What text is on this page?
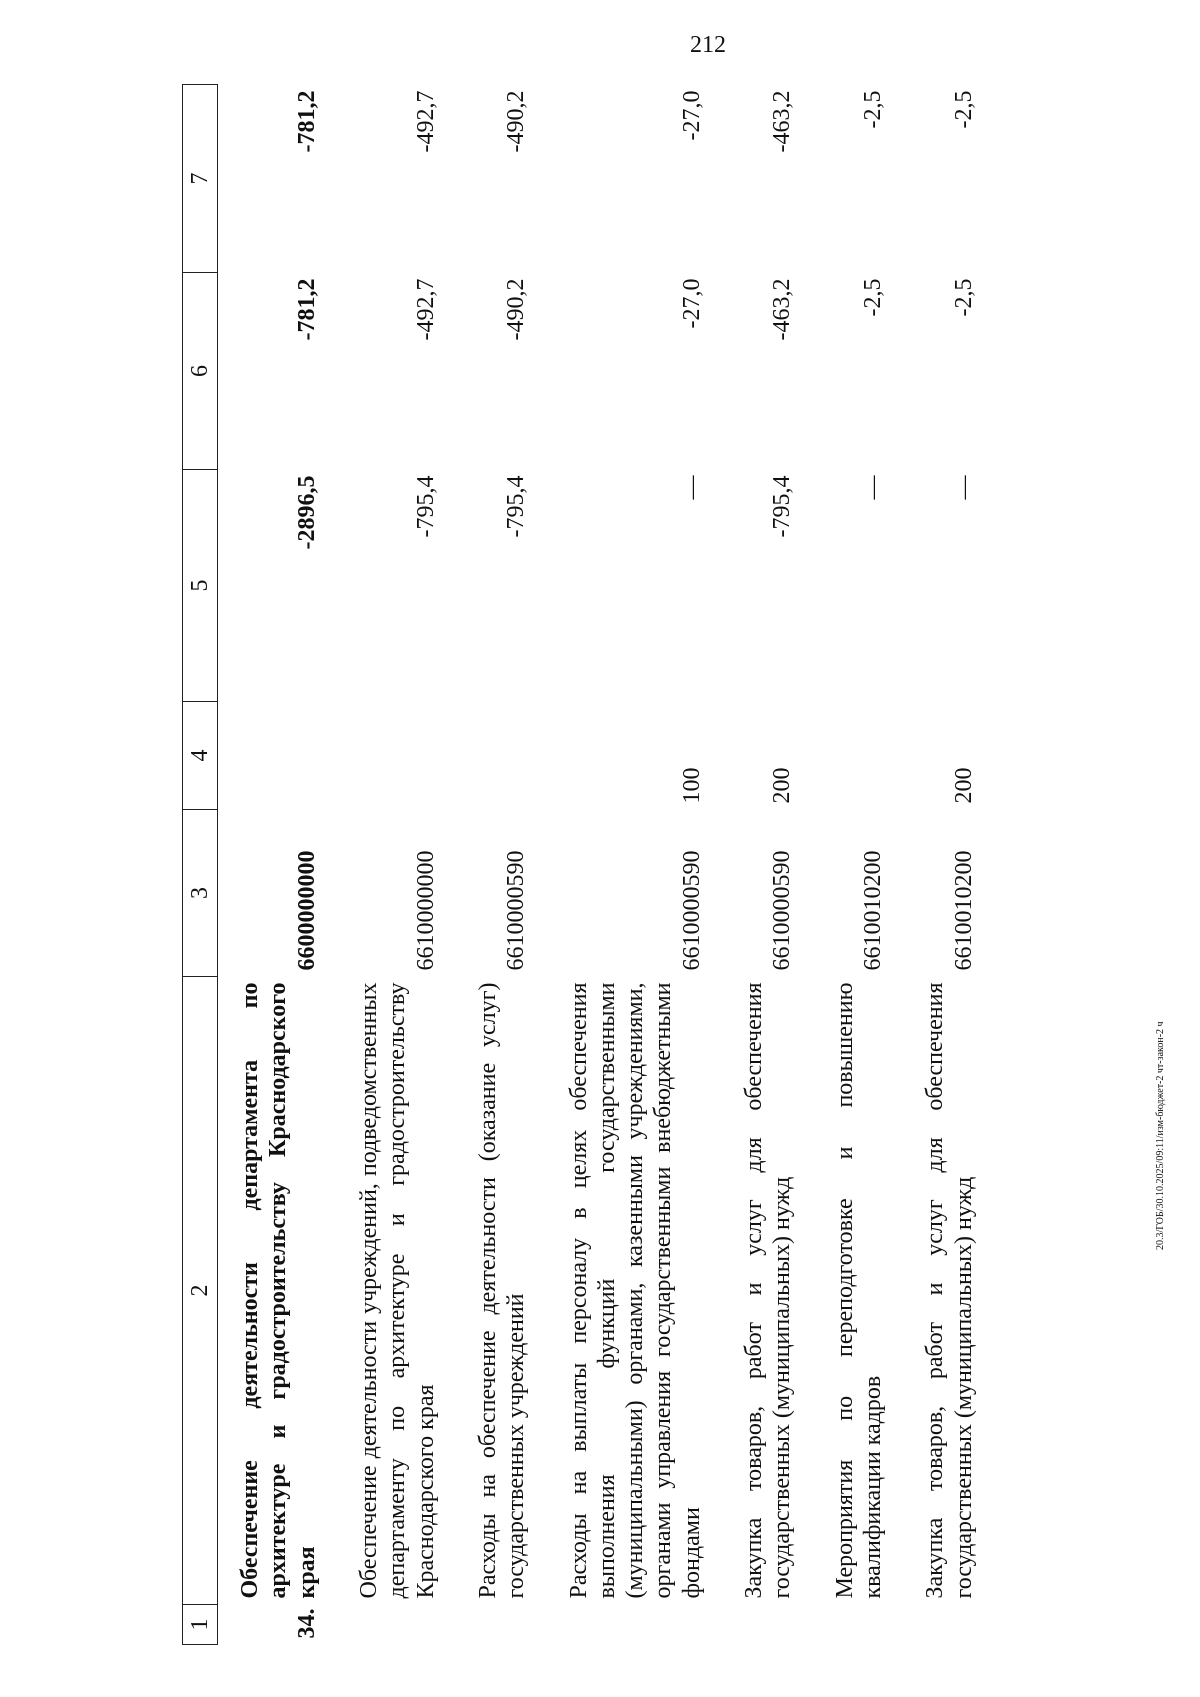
212
20.3/ГОБ/30.10.2025/09:11/изм-бюджет-2 чт-закон-2 ч
1	2	3	4	5	6	7
34.	Обеспечение деятельности департамента по архитектуре и градостроительству Краснодарского края	6600000000		-2896,5	-781,2	-781,2
	Обеспечение деятельности учреждений, подведомственных департаменту по архитектуре и градостроительству Краснодарского края	6610000000		-795,4	-492,7	-492,7
	Расходы на обеспечение деятельности (оказание услуг) государственных учреждений	6610000590		-795,4	-490,2	-490,2
	Расходы на выплаты персоналу в целях обеспечения выполнения функций государственными (муниципальными) органами, казенными учреждениями, органами управления государственными внебюджетными фондами	6610000590	100	—	-27,0	-27,0
	Закупка товаров, работ и услуг для обеспечения государственных (муниципальных) нужд	6610000590	200	-795,4	-463,2	-463,2
	Мероприятия по переподготовке и повышению квалификации кадров	6610010200		—	-2,5	-2,5
	Закупка товаров, работ и услуг для обеспечения государственных (муниципальных) нужд	6610010200	200	—	-2,5	-2,5
